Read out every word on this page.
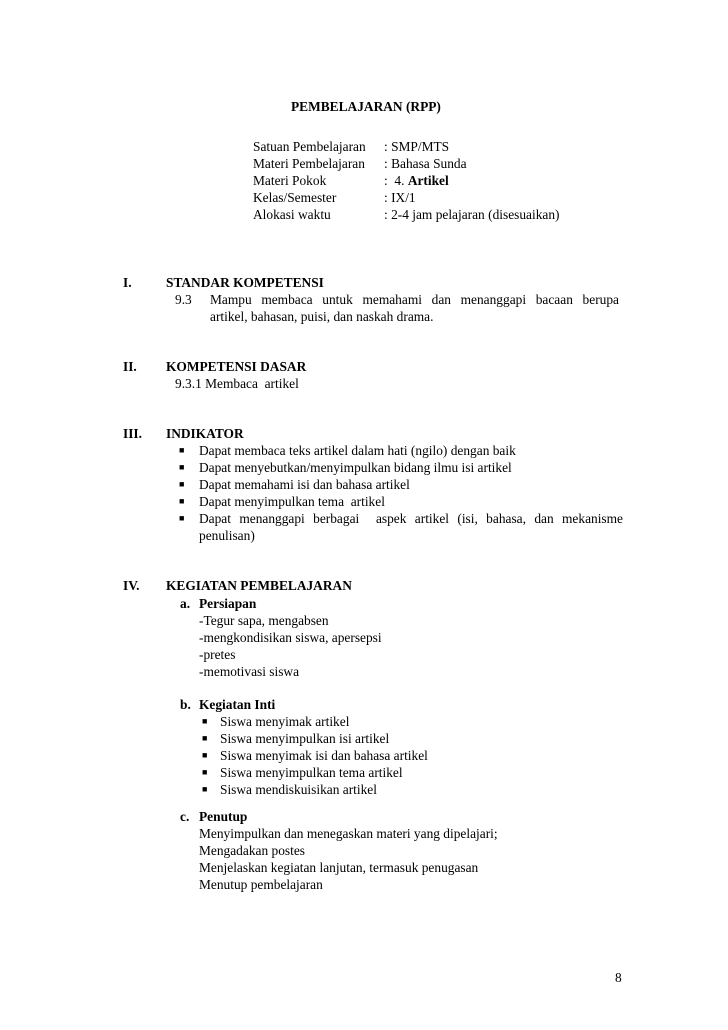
PEMBELAJARAN (RPP)
Satuan Pembelajaran : SMP/MTS
Materi Pembelajaran : Bahasa Sunda
Materi Pokok	:  4. Artikel
Kelas/Semester	: IX/1
Alokasi waktu	: 2-4 jam pelajaran (disesuaikan)
I.	STANDAR KOMPETENSI
9.3 Mampu membaca untuk memahami dan menanggapi bacaan berupa
artikel, bahasan, puisi, dan naskah drama.
II. KOMPETENSI DASAR
9.3.1 Membaca  artikel
III. INDIKATOR
■ Dapat membaca teks artikel dalam hati (ngilo) dengan baik
■ Dapat menyebutkan/menyimpulkan bidang ilmu isi artikel
■ Dapat memahami isi dan bahasa artikel
■ Dapat menyimpulkan tema  artikel
■ Dapat menanggapi berbagai  aspek artikel (isi, bahasa, dan mekanisme
penulisan)
IV. KEGIATAN PEMBELAJARAN
a. Persiapan
-Tegur sapa, mengabsen
-mengkondisikan siswa, apersepsi
-pretes
-memotivasi siswa
b. Kegiatan Inti
■ Siswa menyimak artikel
■ Siswa menyimpulkan isi artikel
■ Siswa menyimak isi dan bahasa artikel
■ Siswa menyimpulkan tema artikel
■ Siswa mendiskuisikan artikel
c. Penutup
Menyimpulkan dan menegaskan materi yang dipelajari;
Mengadakan postes
Menjelaskan kegiatan lanjutan, termasuk penugasan
Menutup pembelajaran
8
